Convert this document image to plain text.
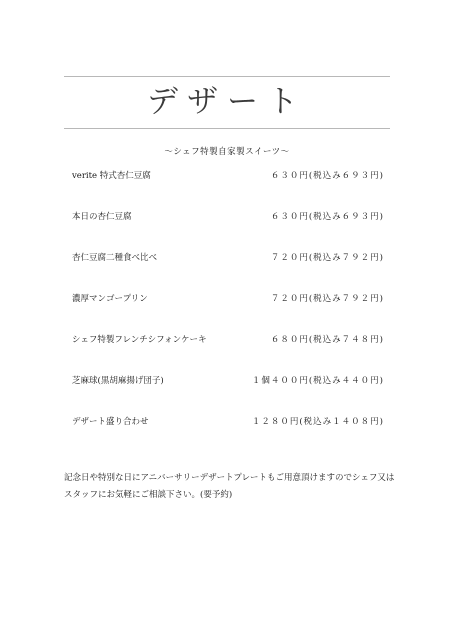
デザート
〜シェフ特製自家製スイーツ〜
verite 特式杏仁豆腐	６３０円(税込み６９３円)
本日の杏仁豆腐	６３０円(税込み６９３円)
杏仁豆腐二種食べ比べ	７２０円(税込み７９２円)
濃厚マンゴープリン	７２０円(税込み７９２円)
シェフ特製フレンチシフォンケーキ	６８０円(税込み７４８円)
芝麻球(黒胡麻揚げ団子)	１個４００円(税込み４４０円)
デザート盛り合わせ	１２８０円(税込み１４０８円)

記念日や特別な日にアニバーサリーデザートプレートもご用意頂けますのでシェフ又は

スタッフにお気軽にご相談下さい。(要予約)
